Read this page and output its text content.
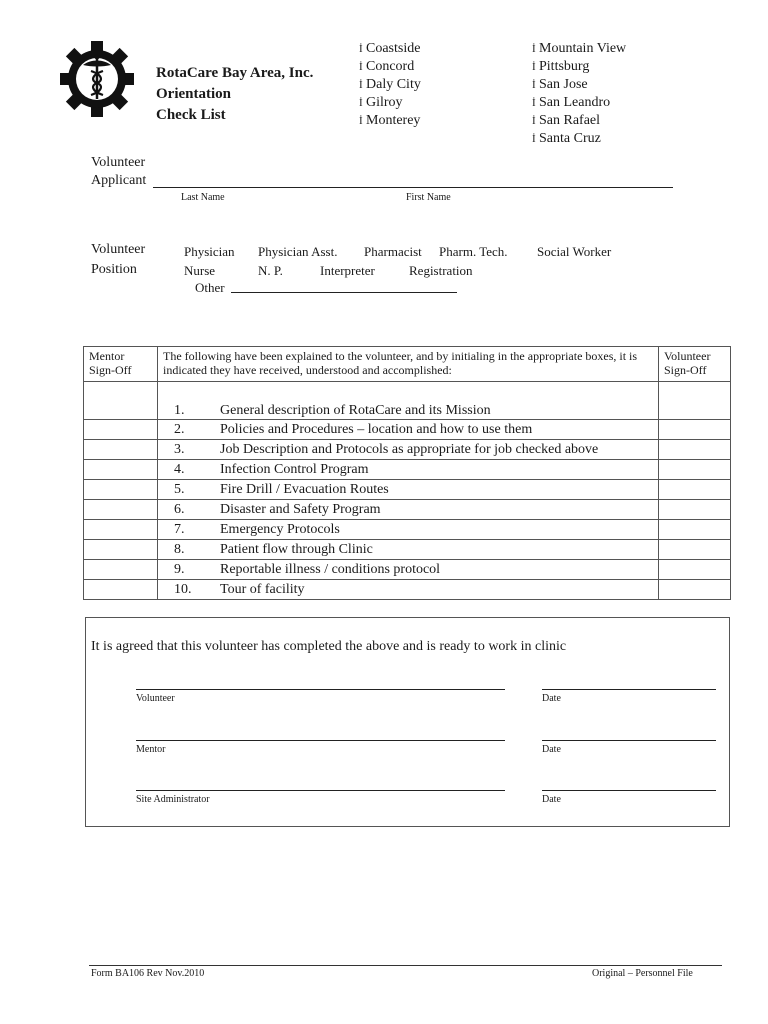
RotaCare Bay Area, Inc.
Orientation
Check List
İ Coastside
İ Concord
İ Daly City
İ Gilroy
İ Monterey
İ Mountain View
İ Pittsburg
İ San Jose
İ San Leandro
İ San Rafael
İ Santa Cruz
Volunteer
Applicant
Last Name	First Name
Volunteer
Position
Physician Physician Asst. Pharmacist Pharm. Tech. Social Worker
Nurse	N. P.	Interpreter	Registration
Other
Mentor Sign-Off	The following have been explained to the volunteer, and by initialing in the appropriate boxes, it is indicated they have received, understood and accomplished:	Volunteer Sign-Off
	1. General description of RotaCare and its Mission	
	2. Policies and Procedures – location and how to use them	
	3. Job Description and Protocols as appropriate for job checked above	
	4. Infection Control Program	
	5. Fire Drill / Evacuation Routes	
	6. Disaster and Safety Program	
	7. Emergency Protocols	
	8. Patient flow through Clinic	
	9. Reportable illness / conditions protocol	
	10. Tour of facility	
It is agreed that this volunteer has completed the above and is ready to work in clinic
Volunteer	Date
Mentor	Date
Site Administrator	Date
Form BA106 Rev Nov.2010	Original – Personnel File
